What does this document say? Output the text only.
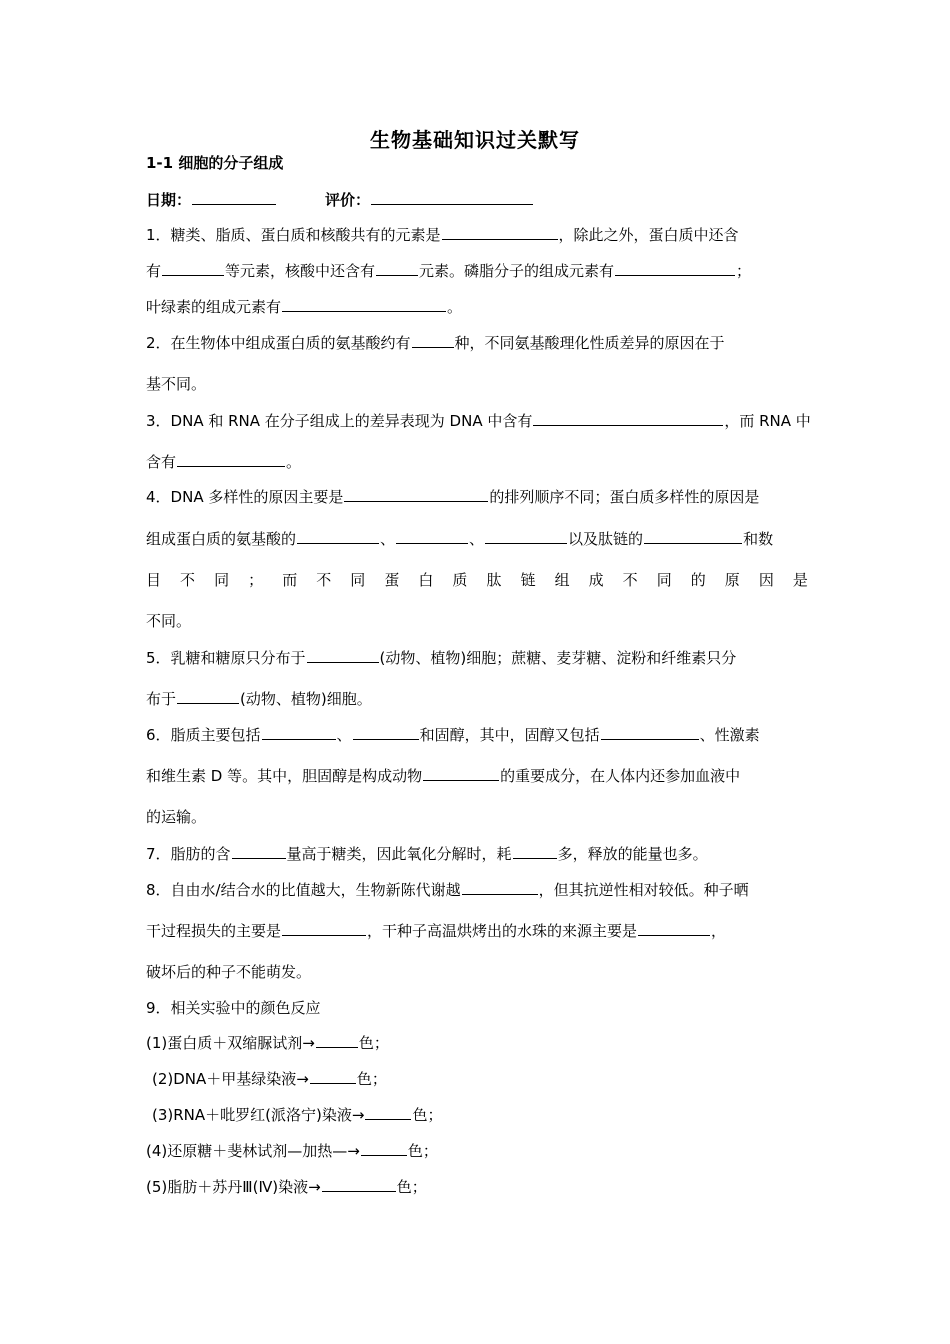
生物基础知识过关默写
1-1 细胞的分子组成
日期：	评价：
1．糖类、脂质、蛋白质和核酸共有的元素是	，除此之外，蛋白质中还含
有	等元素，核酸中还含有	元素。磷脂分子的组成元素有	；
叶绿素的组成元素有	。
2．在生物体中组成蛋白质的氨基酸约有	种，不同氨基酸理化性质差异的原因在于
基不同。
3．DNA 和 RNA 在分子组成上的差异表现为 DNA 中含有	，而 RNA 中
含有	。
4．DNA 多样性的原因主要是	的排列顺序不同；蛋白质多样性的原因是
组成蛋白质的氨基酸的	、	、	以及肽链的	和数
目 不 同 ； 而 不 同 蛋 白 质 肽 链 组 成 不 同 的 原 因 是
不同。
5．乳糖和糖原只分布于	(动物、植物)细胞；蔗糖、麦芽糖、淀粉和纤维素只分
布于	(动物、植物)细胞。
6．脂质主要包括	、	和固醇，其中，固醇又包括	、性激素
和维生素 D 等。其中，胆固醇是构成动物	的重要成分，在人体内还参加血液中
的运输。
7．脂肪的含	量高于糖类，因此氧化分解时，耗	多，释放的能量也多。
8．自由水/结合水的比值越大，生物新陈代谢越	，但其抗逆性相对较低。种子晒
干过程损失的主要是	，干种子高温烘烤出的水珠的来源主要是	，
破坏后的种子不能萌发。
9．相关实验中的颜色反应
(1)蛋白质＋双缩脲试剂→	色；
(2)DNA＋甲基绿染液→	色；
(3)RNA＋吡罗红(派洛宁)染液→	色；
(4)还原糖＋斐林试剂—加热—→	色；
(5)脂肪＋苏丹Ⅲ(Ⅳ)染液→	色；
